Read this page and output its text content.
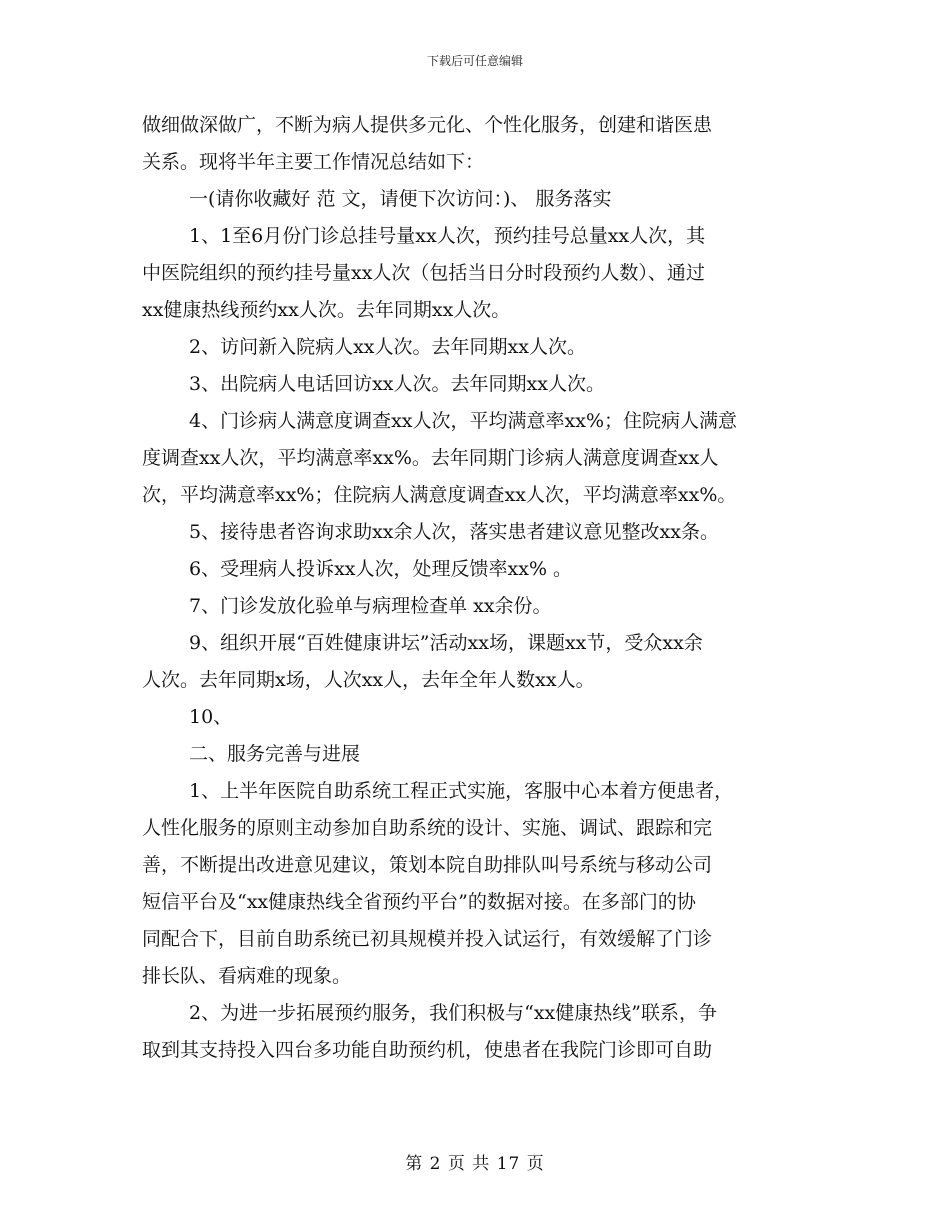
下载后可任意编辑

做细做深做广，不断为病人提供多元化、个性化服务，创建和谐医患

关系。现将半年主要工作情况总结如下：

一(请你收藏好 范 文，请便下次访问：)、 服务落实

1、1至6月份门诊总挂号量xx人次，预约挂号总量xx人次，其

中医院组织的预约挂号量xx人次（包括当日分时段预约人数）、通过

xx健康热线预约xx人次。去年同期xx人次。

2、访问新入院病人xx人次。去年同期xx人次。

3、出院病人电话回访xx人次。去年同期xx人次。

4、门诊病人满意度调查xx人次，平均满意率xx%；住院病人满意

度调查xx人次，平均满意率xx%。去年同期门诊病人满意度调查xx人

次，平均满意率xx%；住院病人满意度调查xx人次，平均满意率xx%。

5、接待患者咨询求助xx余人次，落实患者建议意见整改xx条。

6、受理病人投诉xx人次，处理反馈率xx% 。

7、门诊发放化验单与病理检查单 xx余份。

9、组织开展“百姓健康讲坛”活动xx场，课题xx节，受众xx余

人次。去年同期x场，人次xx人，去年全年人数xx人。

10、

二、服务完善与进展

1、上半年医院自助系统工程正式实施，客服中心本着方便患者，

人性化服务的原则主动参加自助系统的设计、实施、调试、跟踪和完

善，不断提出改进意见建议，策划本院自助排队叫号系统与移动公司

短信平台及“xx健康热线全省预约平台”的数据对接。在多部门的协

同配合下，目前自助系统已初具规模并投入试运行，有效缓解了门诊

排长队、看病难的现象。

2、为进一步拓展预约服务，我们积极与“xx健康热线”联系，争

取到其支持投入四台多功能自助预约机，使患者在我院门诊即可自助

第 2 页 共 17 页
